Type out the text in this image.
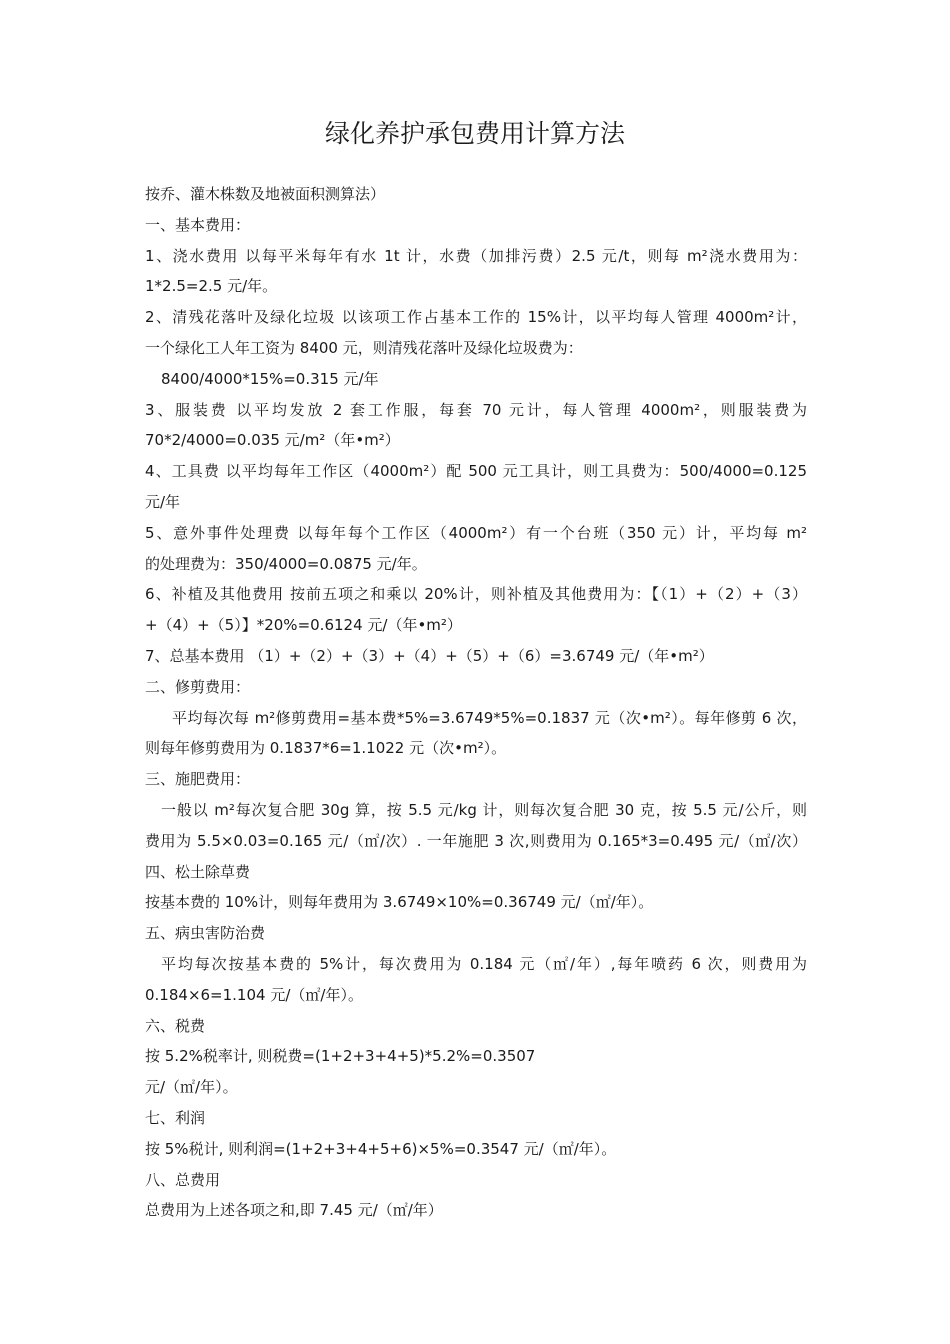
绿化养护承包费用计算方法
按乔、灌木株数及地被面积测算法）
一、基本费用：
1、浇水费用 以每平米每年有水 1t 计，水费（加排污费）2.5 元/t，则每 m²浇水费用为：
1*2.5=2.5 元/年。
2、清残花落叶及绿化垃圾 以该项工作占基本工作的 15%计，以平均每人管理 4000m²计，
一个绿化工人年工资为 8400 元，则清残花落叶及绿化垃圾费为：
8400/4000*15%=0.315 元/年
3、服装费 以平均发放 2 套工作服，每套 70 元计，每人管理 4000m²，则服装费为
70*2/4000=0.035 元/m²（年•m²）
4、工具费 以平均每年工作区（4000m²）配 500 元工具计，则工具费为：500/4000=0.125
元/年
5、意外事件处理费 以每年每个工作区（4000m²）有一个台班（350 元）计，平均每 m²
的处理费为：350/4000=0.0875 元/年。
6、补植及其他费用 按前五项之和乘以 20%计，则补植及其他费用为：【（1）+（2）+（3）
+（4）+（5）】*20%=0.6124 元/（年•m²）
7、总基本费用 （1）+（2）+（3）+（4）+（5）+（6）=3.6749 元/（年•m²）
二、修剪费用：
平均每次每 m²修剪费用=基本费*5%=3.6749*5%=0.1837 元（次•m²）。每年修剪 6 次，
则每年修剪费用为 0.1837*6=1.1022 元（次•m²）。
三、施肥费用：
一般以 m²每次复合肥 30g 算，按 5.5 元/kg 计，则每次复合肥 30 克，按 5.5 元/公斤，则
费用为 5.5×0.03=0.165 元/（㎡/次）. 一年施肥 3 次,则费用为 0.165*3=0.495 元/（㎡/次）
四、松土除草费
按基本费的 10%计，则每年费用为 3.6749×10%=0.36749 元/（㎡/年）。
五、病虫害防治费
平均每次按基本费的 5%计，每次费用为 0.184 元（㎡/年）,每年喷药 6 次，则费用为
0.184×6=1.104 元/（㎡/年）。
六、税费
按 5.2%税率计, 则税费=(1+2+3+4+5)*5.2%=0.3507
元/（㎡/年）。
七、利润
按 5%税计, 则利润=(1+2+3+4+5+6)×5%=0.3547 元/（㎡/年）。
八、总费用
总费用为上述各项之和,即 7.45 元/（㎡/年）
